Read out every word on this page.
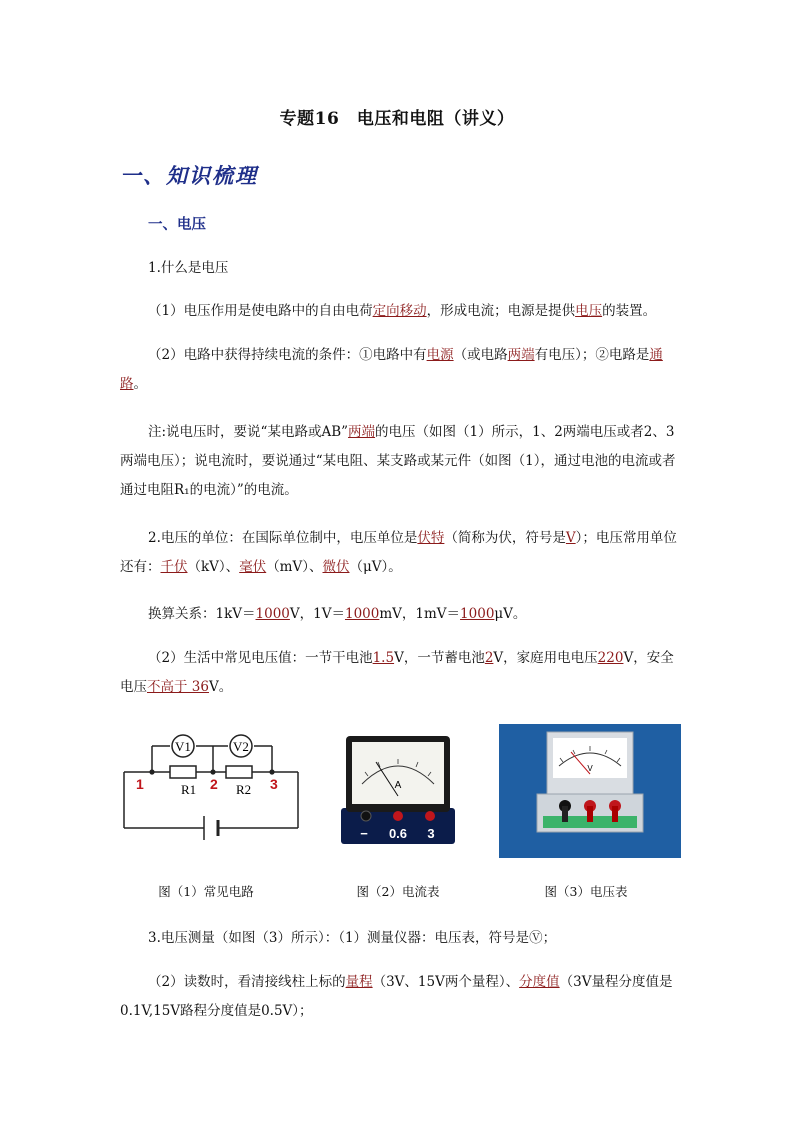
专题16　电压和电阻（讲义）
一、知识梳理
一、电压
1.什么是电压
（1）电压作用是使电路中的自由电荷定向移动，形成电流；电源是提供电压的装置。
（2）电路中获得持续电流的条件：①电路中有电源（或电路两端有电压）；②电路是通路。
注:说电压时，要说“某电路或AB”两端的电压（如图（1）所示，1、2两端电压或者2、3两端电压）；说电流时，要说通过“某电阻、某支路或某元件（如图（1），通过电池的电流或者通过电阻R₁的电流）”的电流。
2.电压的单位：在国际单位制中，电压单位是伏特（简称为伏，符号是V）；电压常用单位还有：千伏（kV）、毫伏（mV）、微伏（μV）。
换算关系：1kV＝1000V，1V＝1000mV，1mV＝1000μV。
（2）生活中常见电压值：一节干电池1.5V，一节蓄电池2V，家庭用电电压220V，安全电压不高于 36V。
V1	V2
R1	R2
1	2	3	A
− 0.6 3
V
图（1）常见电路	图（2）电流表	图（3）电压表
3.电压测量（如图（3）所示）：（1）测量仪器：电压表，符号是Ⓥ；
（2）读数时，看清接线柱上标的量程（3V、15V两个量程）、分度值（3V量程分度值是0.1V,15V路程分度值是0.5V）；
